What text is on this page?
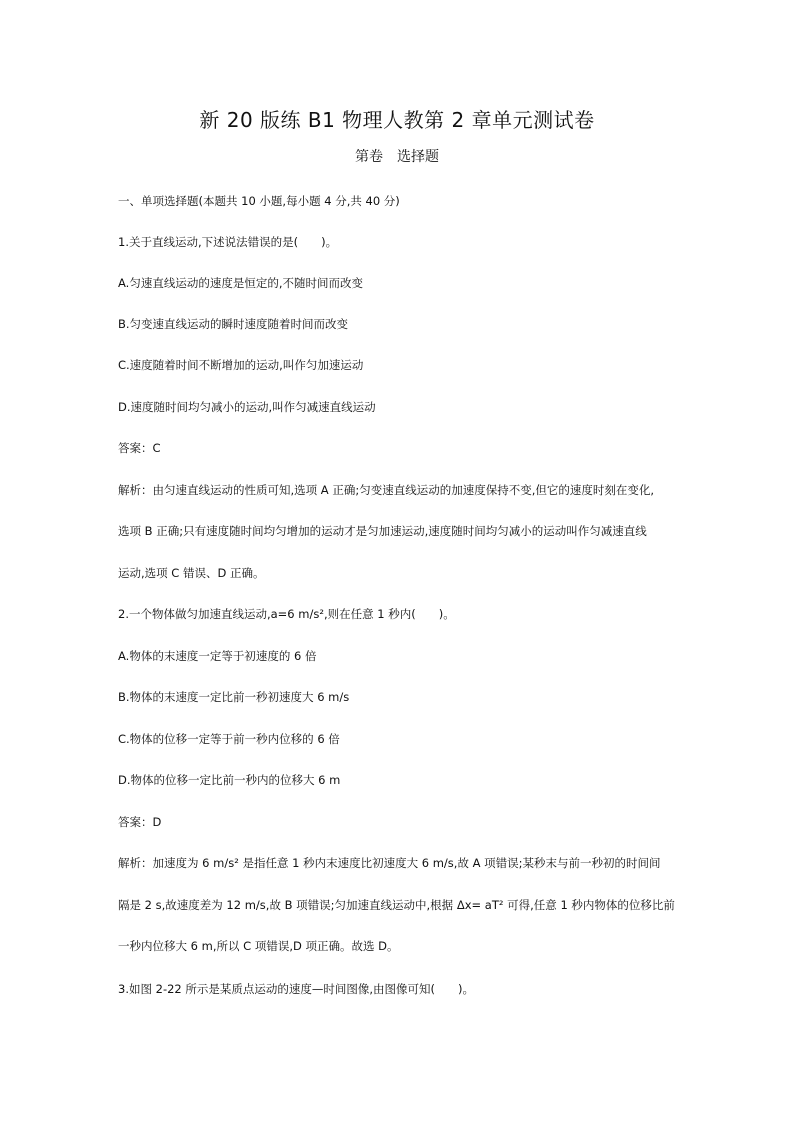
新 20 版练 B1 物理人教第 2 章单元测试卷
第卷　选择题
一、单项选择题(本题共 10 小题,每小题 4 分,共 40 分)
1.关于直线运动,下述说法错误的是(　　)。
A.匀速直线运动的速度是恒定的,不随时间而改变
B.匀变速直线运动的瞬时速度随着时间而改变
C.速度随着时间不断增加的运动,叫作匀加速运动
D.速度随时间均匀减小的运动,叫作匀减速直线运动
答案：C
解析：由匀速直线运动的性质可知,选项 A 正确;匀变速直线运动的加速度保持不变,但它的速度时刻在变化,
选项 B 正确;只有速度随时间均匀增加的运动才是匀加速运动,速度随时间均匀减小的运动叫作匀减速直线
运动,选项 C 错误、D 正确。
2.一个物体做匀加速直线运动,a=6 m/s²,则在任意 1 秒内(　　)。
A.物体的末速度一定等于初速度的 6 倍
B.物体的末速度一定比前一秒初速度大 6 m/s
C.物体的位移一定等于前一秒内位移的 6 倍
D.物体的位移一定比前一秒内的位移大 6 m
答案：D
解析：加速度为 6 m/s² 是指任意 1 秒内末速度比初速度大 6 m/s,故 A 项错误;某秒末与前一秒初的时间间
隔是 2 s,故速度差为 12 m/s,故 B 项错误;匀加速直线运动中,根据 Δx= aT² 可得,任意 1 秒内物体的位移比前
一秒内位移大 6 m,所以 C 项错误,D 项正确。故选 D。
3.如图 2-22 所示是某质点运动的速度—时间图像,由图像可知(　　)。
